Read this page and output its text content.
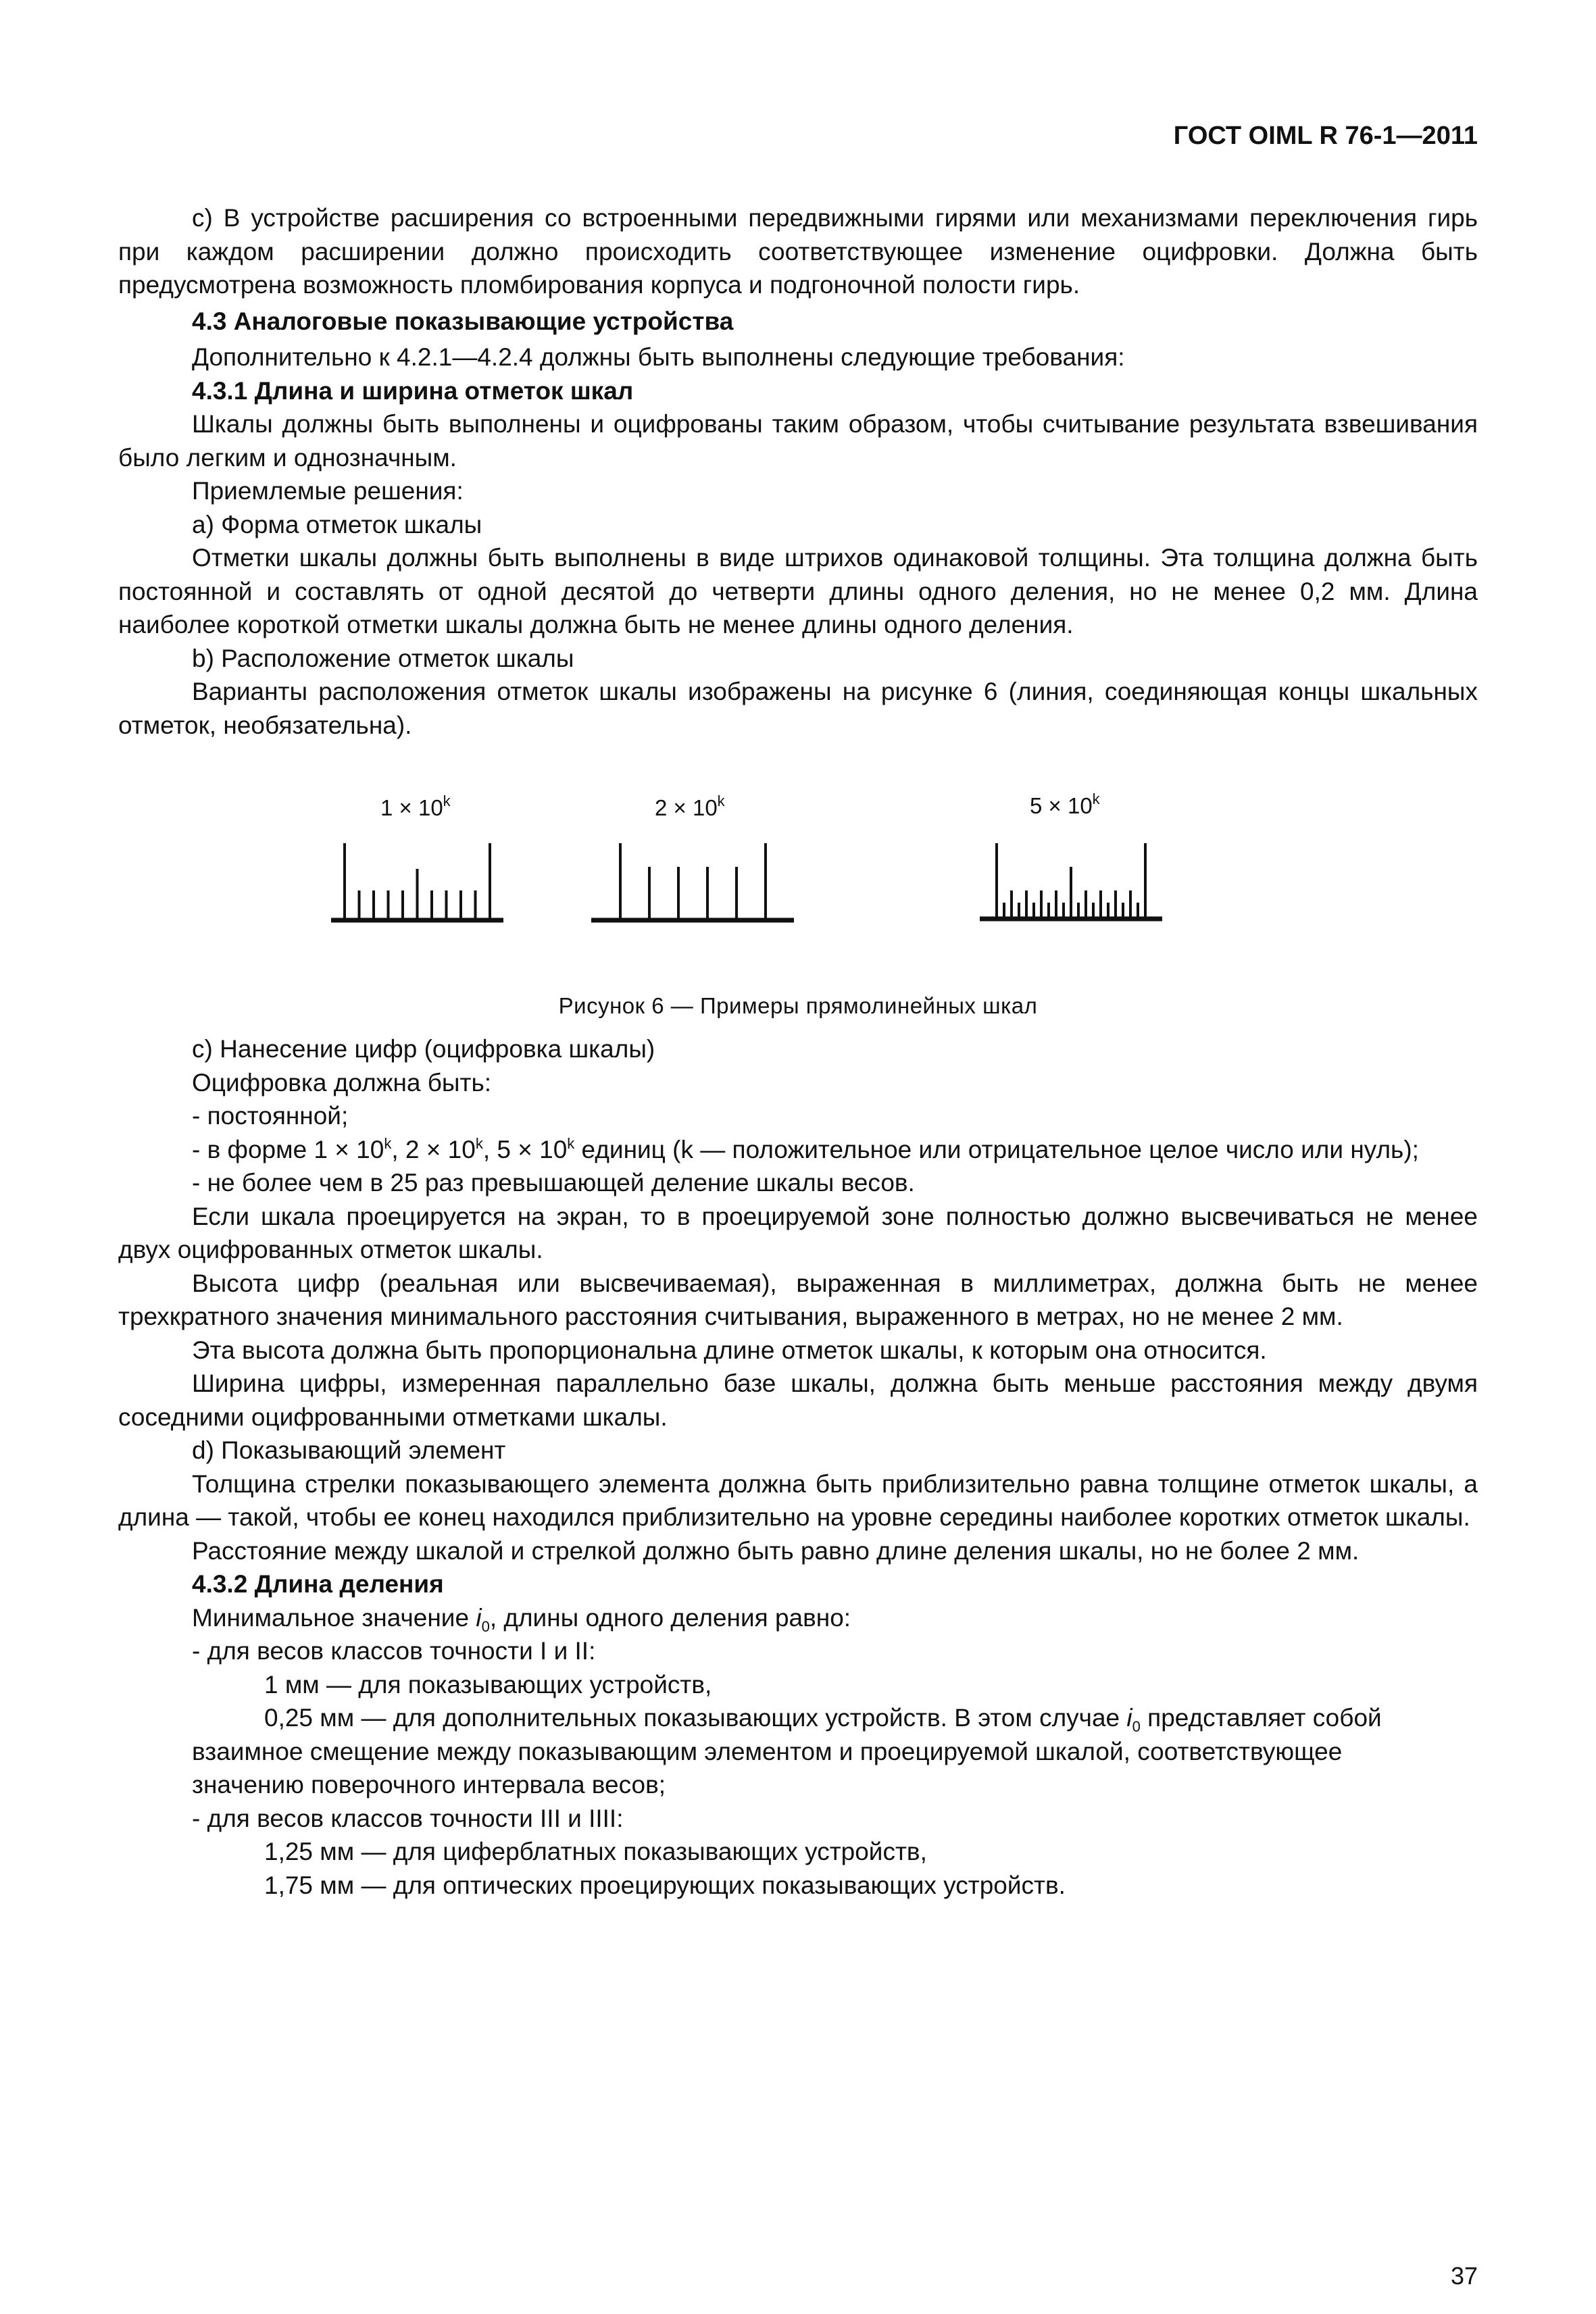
ГОСТ OIML R 76-1—2011

c) В устройстве расширения со встроенными передвижными гирями или механизмами переключения гирь при каждом расширении должно происходить соответствующее изменение оцифровки. Должна быть предусмотрена возможность пломбирования корпуса и подгоночной полости гирь.

4.3 Аналоговые показывающие устройства

Дополнительно к 4.2.1—4.2.4 должны быть выполнены следующие требования:

4.3.1 Длина и ширина отметок шкал

Шкалы должны быть выполнены и оцифрованы таким образом, чтобы считывание результата взвешивания было легким и однозначным.

Приемлемые решения:

a) Форма отметок шкалы

Отметки шкалы должны быть выполнены в виде штрихов одинаковой толщины. Эта толщина должна быть постоянной и составлять от одной десятой до четверти длины одного деления, но не менее 0,2 мм. Длина наиболее короткой отметки шкалы должна быть не менее длины одного деления.

b) Расположение отметок шкалы

Варианты расположения отметок шкалы изображены на рисунке 6 (линия, соединяющая концы шкальных отметок, необязательна).

$1 \times 10^k$	$2 \times 10^k$	$5 \times 10^k$
Рисунок 6 — Примеры прямолинейных шкал

c) Нанесение цифр (оцифровка шкалы)

Оцифровка должна быть:

- постоянной;

- в форме $1 \times 10^k$, $2 \times 10^k$, $5 \times 10^k$ единиц (k — положительное или отрицательное целое число или нуль);

- не более чем в 25 раз превышающей деление шкалы весов.

Если шкала проецируется на экран, то в проецируемой зоне полностью должно высвечиваться не менее двух оцифрованных отметок шкалы.

Высота цифр (реальная или высвечиваемая), выраженная в миллиметрах, должна быть не менее трехкратного значения минимального расстояния считывания, выраженного в метрах, но не менее 2 мм.

Эта высота должна быть пропорциональна длине отметок шкалы, к которым она относится.

Ширина цифры, измеренная параллельно базе шкалы, должна быть меньше расстояния между двумя соседними оцифрованными отметками шкалы.

d) Показывающий элемент

Толщина стрелки показывающего элемента должна быть приблизительно равна толщине отметок шкалы, а длина — такой, чтобы ее конец находился приблизительно на уровне середины наиболее коротких отметок шкалы.

Расстояние между шкалой и стрелкой должно быть равно длине деления шкалы, но не более 2 мм.

4.3.2 Длина деления

Минимальное значение $i_0$, длины одного деления равно:

- для весов классов точности I и II:

1 мм — для показывающих устройств,

0,25 мм — для дополнительных показывающих устройств. В этом случае $i_0$ представляет собой

взаимное смещение между показывающим элементом и проецируемой шкалой, соответствующее

значению поверочного интервала весов;

- для весов классов точности III и IIII:

1,25 мм — для циферблатных показывающих устройств,

1,75 мм — для оптических проецирующих показывающих устройств.

37
